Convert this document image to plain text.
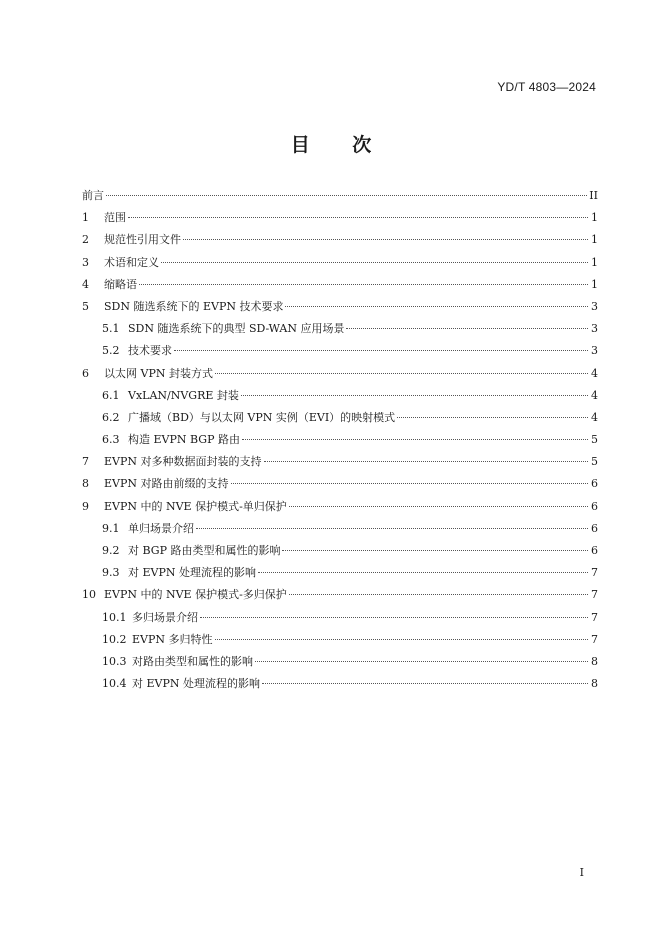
YD/T 4803—2024
目 次
前言	II
1	范围	1
2	规范性引用文件	1
3	术语和定义	1
4	缩略语	1
5	SDN 随选系统下的 EVPN 技术要求	3
5.1 SDN 随选系统下的典型 SD-WAN 应用场景	3
5.2 技术要求	3
6	以太网 VPN 封装方式	4
6.1 VxLAN/NVGRE 封装	4
6.2 广播域（BD）与以太网 VPN 实例（EVI）的映射模式	4
6.3 构造 EVPN BGP 路由	5
7	EVPN 对多种数据面封装的支持	5
8	EVPN 对路由前缀的支持	6
9	EVPN 中的 NVE 保护模式-单归保护	6
9.1 单归场景介绍	6
9.2 对 BGP 路由类型和属性的影响	6
9.3 对 EVPN 处理流程的影响	7
10 EVPN 中的 NVE 保护模式-多归保护	7
10.1 多归场景介绍	7
10.2 EVPN 多归特性	7
10.3 对路由类型和属性的影响	8
10.4 对 EVPN 处理流程的影响	8
I
